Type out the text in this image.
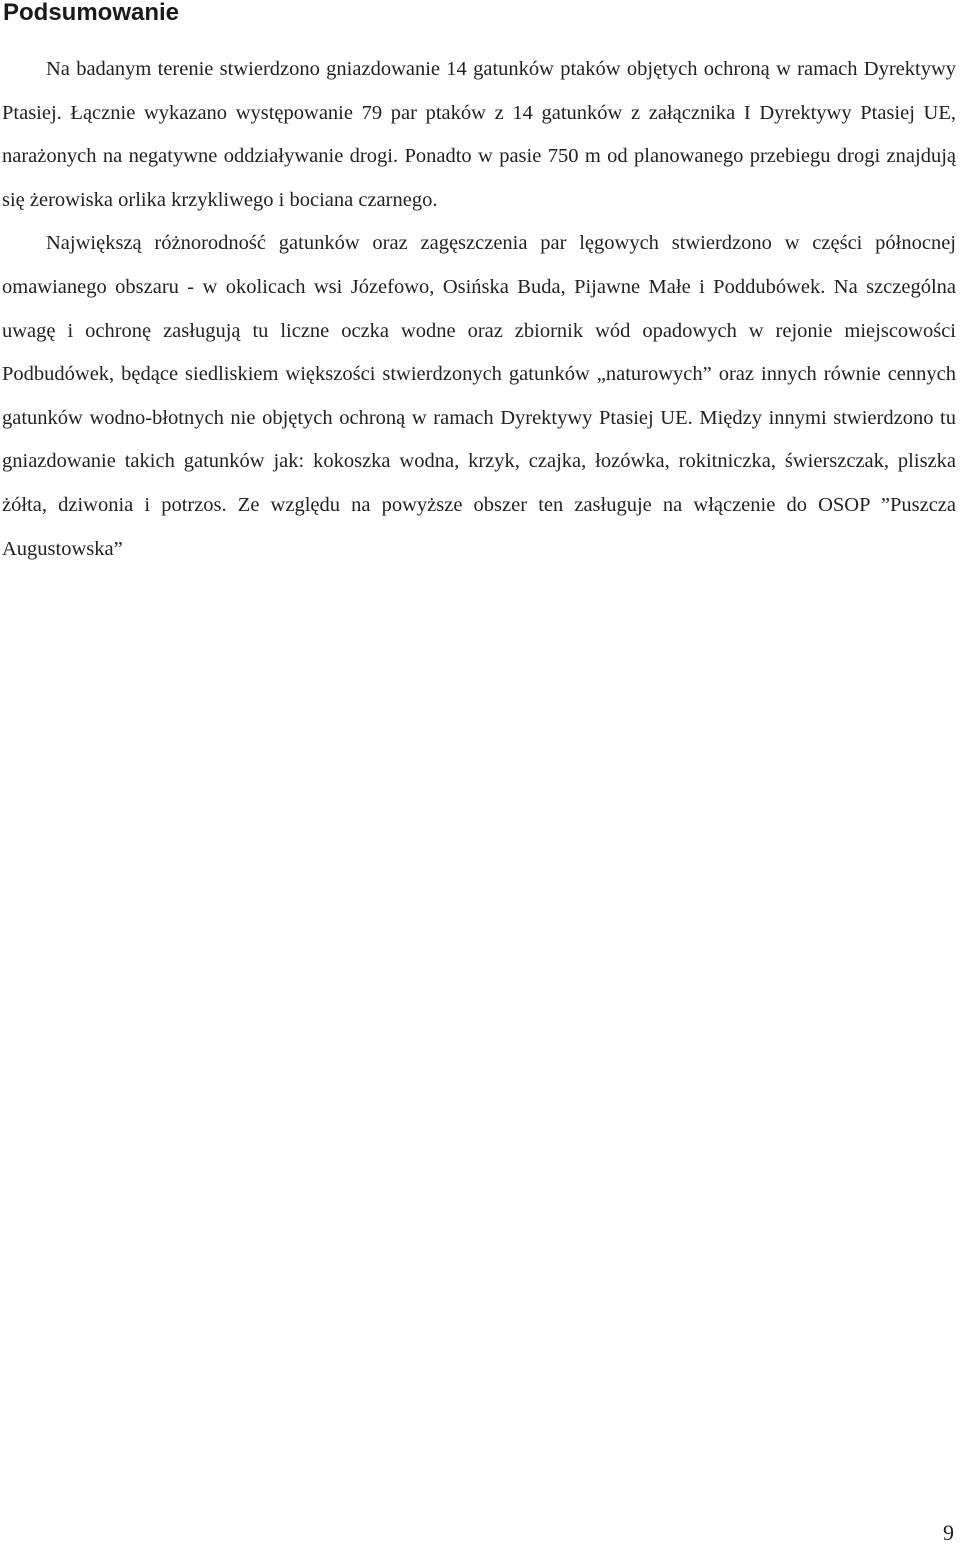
Podsumowanie

Na badanym terenie stwierdzono gniazdowanie 14 gatunków ptaków objętych ochroną w ramach Dyrektywy Ptasiej. Łącznie wykazano występowanie 79 par ptaków z 14 gatunków z załącznika I Dyrektywy Ptasiej UE, narażonych na negatywne oddziaływanie drogi. Ponadto w pasie 750 m od planowanego przebiegu drogi znajdują się żerowiska orlika krzykliwego i bociana czarnego.

Największą różnorodność gatunków oraz zagęszczenia par lęgowych stwierdzono w części północnej omawianego obszaru - w okolicach wsi Józefowo, Osińska Buda, Pijawne Małe i Poddubówek. Na szczególna uwagę i ochronę zasługują tu liczne oczka wodne oraz zbiornik wód opadowych w rejonie miejscowości Podbudówek, będące siedliskiem większości stwierdzonych gatunków „naturowych” oraz innych równie cennych gatunków wodno-błotnych nie objętych ochroną w ramach Dyrektywy Ptasiej UE. Między innymi stwierdzono tu gniazdowanie takich gatunków jak: kokoszka wodna, krzyk, czajka, łozówka, rokitniczka, świerszczak, pliszka żółta, dziwonia i potrzos. Ze względu na powyższe obszer ten zasługuje na włączenie do OSOP ”Puszcza Augustowska”

9
